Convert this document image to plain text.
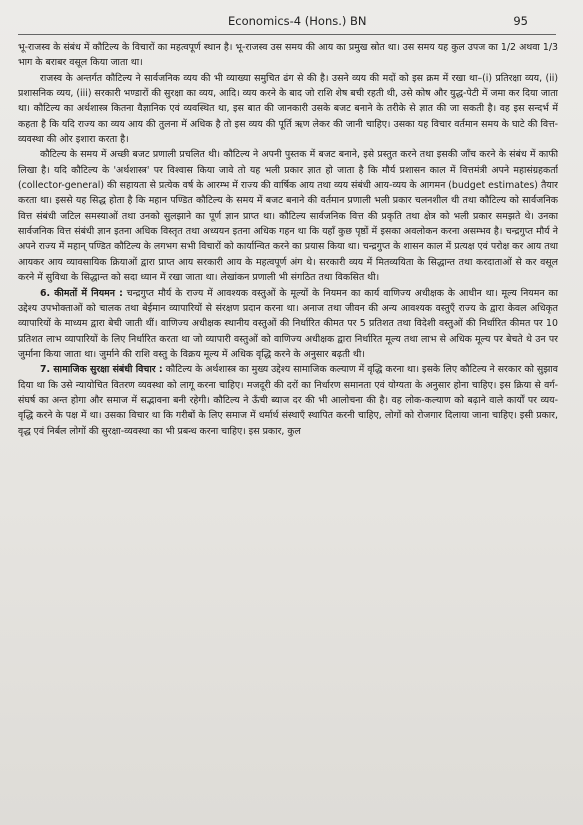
Economics-4 (Hons.) BN	95

भू-राजस्व के संबंध में कौटिल्य के विचारों का महत्वपूर्ण स्थान है। भू-राजस्व उस समय की आय का प्रमुख स्रोत था। उस समय यह कुल उपज का 1/2 अथवा 1/3 भाग के बराबर वसूल किया जाता था।

राजस्व के अन्तर्गत कौटिल्य ने सार्वजनिक व्यय की भी व्याख्या समुचित ढंग से की है। उसने व्यय की मदों को इस क्रम में रखा था–(i) प्रतिरक्षा व्यय, (ii) प्रशासनिक व्यय, (iii) सरकारी भण्डारों की सुरक्षा का व्यय, आदि। व्यय करने के बाद जो राशि शेष बची रहती थी, उसे कोष और युद्ध-पेटी में जमा कर दिया जाता था। कौटिल्य का अर्थशास्त्र कितना वैज्ञानिक एवं व्यवस्थित था, इस बात की जानकारी उसके बजट बनाने के तरीके से ज्ञात की जा सकती है। वह इस सन्दर्भ में कहता है कि यदि राज्य का व्यय आय की तुलना में अधिक है तो इस व्यय की पूर्ति ऋण लेकर की जानी चाहिए। उसका यह विचार वर्तमान समय के घाटे की वित्त-व्यवस्था की ओर इशारा करता है।

कौटिल्य के समय में अच्छी बजट प्रणाली प्रचलित थी। कौटिल्य ने अपनी पुस्तक में बजट बनाने, इसे प्रस्तुत करने तथा इसकी जाँच करने के संबंध में काफी लिखा है। यदि कौटिल्य के 'अर्थशास्त्र' पर विश्वास किया जावे तो यह भली प्रकार ज्ञात हो जाता है कि मौर्य प्रशासन काल में वित्तमंत्री अपने महासंग्रहकर्ता (collector-general) की सहायता से प्रत्येक वर्ष के आरम्भ में राज्य की वार्षिक आय तथा व्यय संबंधी आय-व्यय के आगमन (budget estimates) तैयार करता था। इससे यह सिद्ध होता है कि महान पण्डित कौटिल्य के समय में बजट बनाने की वर्तमान प्रणाली भली प्रकार चलनशील थी तथा कौटिल्य को सार्वजनिक वित्त संबंधी जटिल समस्याओं तथा उनको सुलझाने का पूर्ण ज्ञान प्राप्त था। कौटिल्य सार्वजनिक वित्त की प्रकृति तथा क्षेत्र को भली प्रकार समझते थे। उनका सार्वजनिक वित्त संबंधी ज्ञान इतना अधिक विस्तृत तथा अध्ययन इतना अधिक गहन था कि यहाँ कुछ पृष्ठों में इसका अवलोकन करना असम्भव है। चन्द्रगुप्त मौर्य ने अपने राज्य में महान् पण्डित कौटिल्य के लगभग सभी विचारों को कार्यान्वित करने का प्रयास किया था। चन्द्रगुप्त के शासन काल में प्रत्यक्ष एवं परोक्ष कर आय तथा आयकर आय व्यावसायिक क्रियाओं द्वारा प्राप्त आय सरकारी आय के महत्वपूर्ण अंग थे। सरकारी व्यय में मितव्ययिता के सिद्धान्त तथा करदाताओं से कर वसूल करने में सुविधा के सिद्धान्त को सदा ध्यान में रखा जाता था। लेखांकन प्रणाली भी संगठित तथा विकसित थी।

6. कीमतों में नियमन : चन्द्रगुप्त मौर्य के राज्य में आवश्यक वस्तुओं के मूल्यों के नियमन का कार्य वाणिज्य अधीक्षक के आधीन था। मूल्य नियमन का उद्देश्य उपभोक्ताओं को चालक तथा बेईमान व्यापारियों से संरक्षण प्रदान करना था। अनाज तथा जीवन की अन्य आवश्यक वस्तुएँ राज्य के द्वारा केवल अधिकृत व्यापारियों के माध्यम द्वारा बेची जाती थीं। वाणिज्य अधीक्षक स्थानीय वस्तुओं की निर्धारित कीमत पर 5 प्रतिशत तथा विदेशी वस्तुओं की निर्धारित कीमत पर 10 प्रतिशत लाभ व्यापारियों के लिए निर्धारित करता था जो व्यापारी वस्तुओं को वाणिज्य अधीक्षक द्वारा निर्धारित मूल्य तथा लाभ से अधिक मूल्य पर बेचते थे उन पर जुर्माना किया जाता था। जुर्माने की राशि वस्तु के विक्रय मूल्य में अधिक वृद्धि करने के अनुसार बढ़ती थी।

7. सामाजिक सुरक्षा संबंधी विचार : कौटिल्य के अर्थशास्त्र का मुख्य उद्देश्य सामाजिक कल्याण में वृद्धि करना था। इसके लिए कौटिल्य ने सरकार को सुझाव दिया था कि उसे न्यायोचित वितरण व्यवस्था को लागू करना चाहिए। मजदूरी की दरों का निर्धारण समानता एवं योग्यता के अनुसार होना चाहिए। इस क्रिया से वर्ग-संघर्ष का अन्त होगा और समाज में सद्भावना बनी रहेगी। कौटिल्य ने ऊँची ब्याज दर की भी आलोचना की है। वह लोक-कल्याण को बढ़ाने वाले कार्यों पर व्यय-वृद्धि करने के पक्ष में था। उसका विचार था कि गरीबों के लिए समाज में धर्मार्थ संस्थाएँ स्थापित करनी चाहिए, लोगों को रोजगार दिलाया जाना चाहिए। इसी प्रकार, वृद्ध एवं निर्बल लोगों की सुरक्षा-व्यवस्था का भी प्रबन्ध करना चाहिए। इस प्रकार, कुल
